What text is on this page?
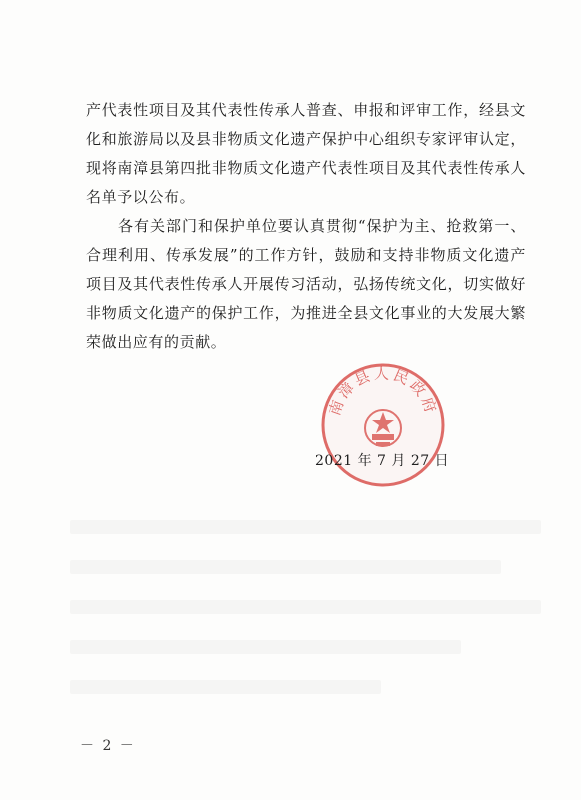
产代表性项目及其代表性传承人普查、申报和评审工作，经县文化和旅游局以及县非物质文化遗产保护中心组织专家评审认定，现将南漳县第四批非物质文化遗产代表性项目及其代表性传承人名单予以公布。

各有关部门和保护单位要认真贯彻“保护为主、抢救第一、合理利用、传承发展”的工作方针，鼓励和支持非物质文化遗产项目及其代表性传承人开展传习活动，弘扬传统文化，切实做好非物质文化遗产的保护工作，为推进全县文化事业的大发展大繁荣做出应有的贡献。

南漳县人民政府
2021 年 7 月 27 日
－ 2 －
